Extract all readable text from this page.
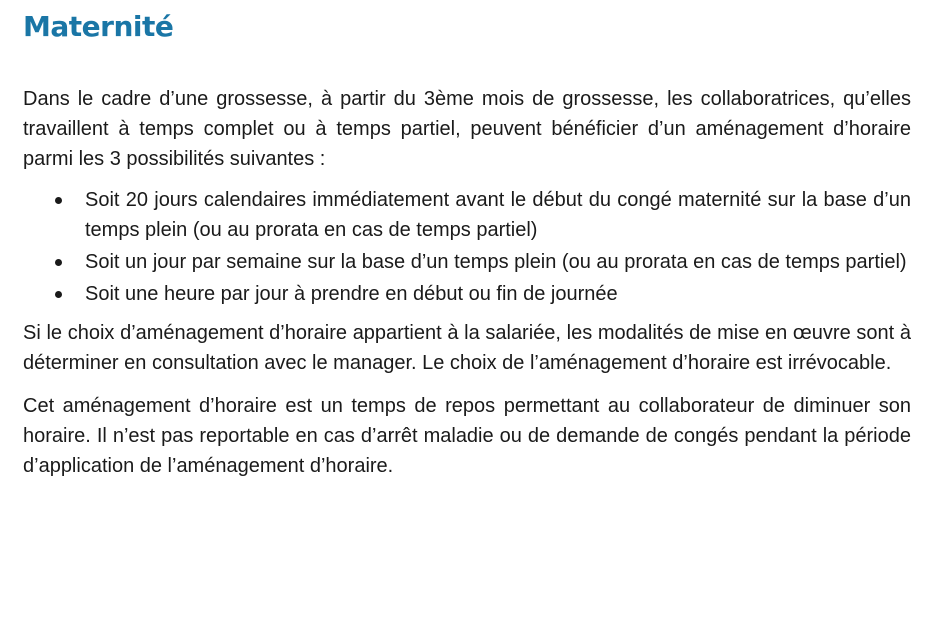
Maternité

Dans le cadre d’une grossesse, à partir du 3ème mois de grossesse, les collaboratrices, qu’elles travaillent à temps complet ou à temps partiel, peuvent bénéficier d’un aménagement d’horaire parmi les 3 possibilités suivantes :

Soit 20 jours calendaires immédiatement avant le début du congé maternité sur la base d’un temps plein (ou au prorata en cas de temps partiel)
Soit un jour par semaine sur la base d’un temps plein (ou au prorata en cas de temps partiel)
Soit une heure par jour à prendre en début ou fin de journée

Si le choix d’aménagement d’horaire appartient à la salariée, les modalités de mise en œuvre sont à déterminer en consultation avec le manager. Le choix de l’aménagement d’horaire est irrévocable.

Cet aménagement d’horaire est un temps de repos permettant au collaborateur de diminuer son horaire. Il n’est pas reportable en cas d’arrêt maladie ou de demande de congés pendant la période d’application de l’aménagement d’horaire.
